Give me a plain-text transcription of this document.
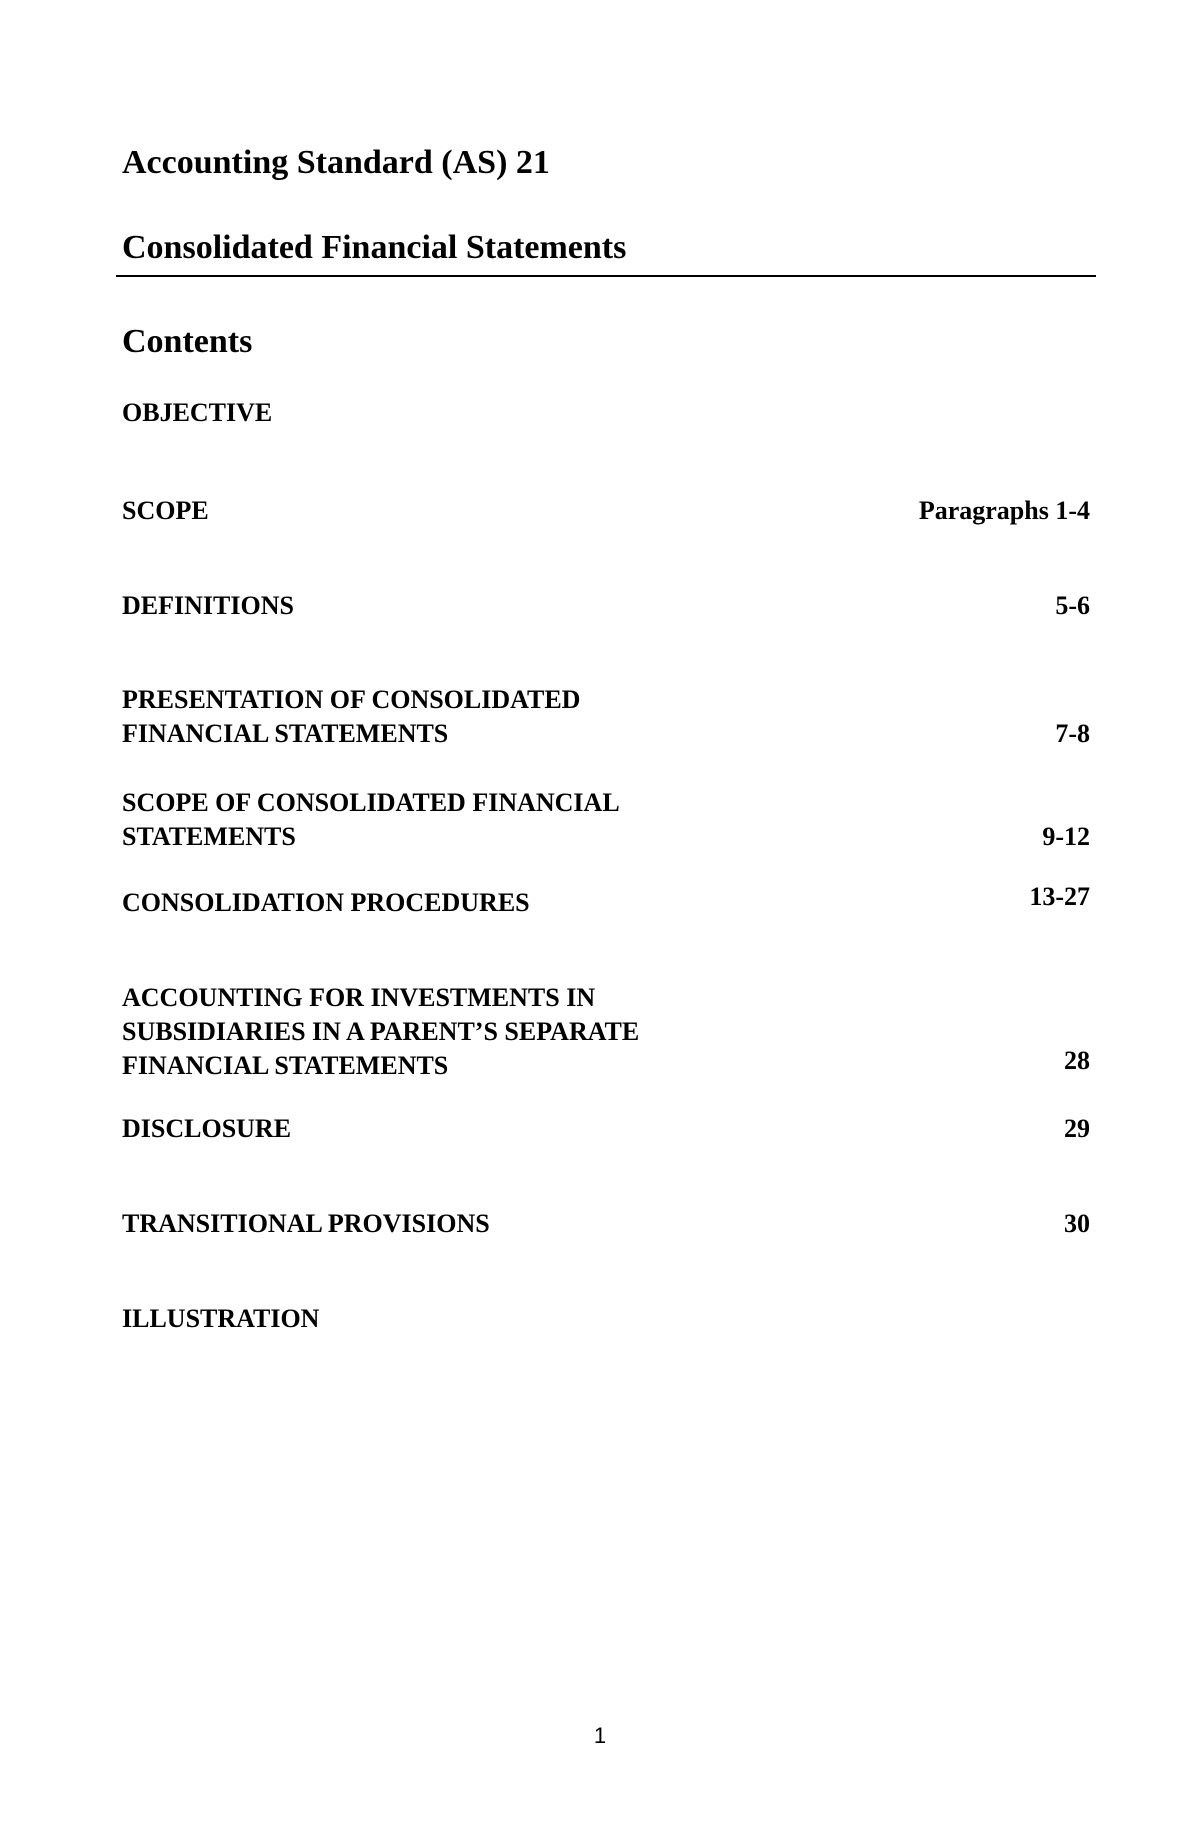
Accounting Standard (AS) 21
Consolidated Financial Statements
Contents
OBJECTIVE
SCOPE	Paragraphs 1-4
DEFINITIONS	5-6
PRESENTATION OF CONSOLIDATED
FINANCIAL STATEMENTS	7-8
SCOPE OF CONSOLIDATED FINANCIAL
STATEMENTS	9-12
CONSOLIDATION PROCEDURES	13-27
ACCOUNTING FOR INVESTMENTS IN
SUBSIDIARIES IN A PARENT’S SEPARATE
FINANCIAL STATEMENTS	28
DISCLOSURE	29
TRANSITIONAL PROVISIONS	30
ILLUSTRATION
1
